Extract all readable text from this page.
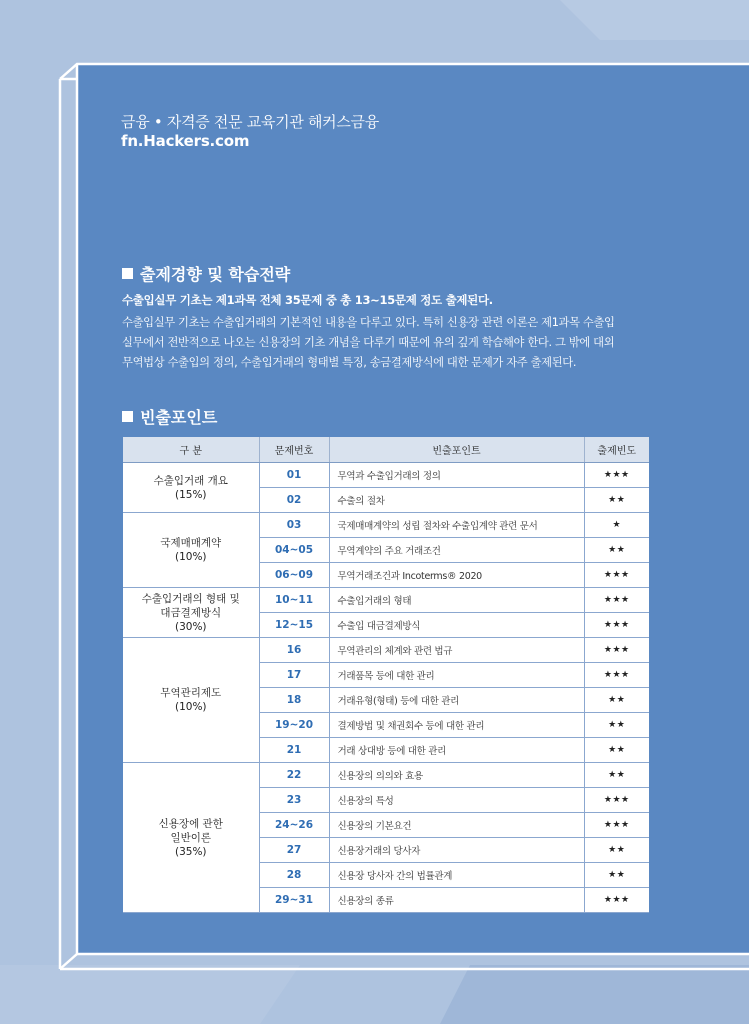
금융 • 자격증 전문 교육기관 해커스금융
fn.Hackers.com
출제경향 및 학습전략
수출입실무 기초는 제1과목 전체 35문제 중 총 13~15문제 정도 출제된다.

수출입실무 기초는 수출입거래의 기본적인 내용을 다루고 있다. 특히 신용장 관련 이론은 제1과목 수출입
실무에서 전반적으로 나오는 신용장의 기초 개념을 다루기 때문에 유의 깊게 학습해야 한다. 그 밖에 대외
무역법상 수출입의 정의, 수출입거래의 형태별 특징, 송금결제방식에 대한 문제가 자주 출제된다.

빈출포인트
구 분	문제번호	빈출포인트	출제빈도

수출입거래 개요
(15%)	01	무역과 수출입거래의 정의	★★★
	02	수출의 절차	★★

국제매매계약
(10%)	03	국제매매계약의 성립 절차와 수출입계약 관련 문서	★
	04~05	무역계약의 주요 거래조건	★★
	06~09	무역거래조건과 Incoterms® 2020	★★★

수출입거래의 형태 및
대금결제방식
(30%)	10~11	수출입거래의 형태	★★★
	12~15	수출입 대금결제방식	★★★

무역관리제도
(10%)	16	무역관리의 체계와 관련 법규	★★★
	17	거래품목 등에 대한 관리	★★★
	18	거래유형(형태) 등에 대한 관리	★★
	19~20	결제방법 및 채권회수 등에 대한 관리	★★
	21	거래 상대방 등에 대한 관리	★★

신용장에 관한
일반이론
(35%)	22	신용장의 의의와 효용	★★
	23	신용장의 특성	★★★
	24~26	신용장의 기본요건	★★★
	27	신용장거래의 당사자	★★
	28	신용장 당사자 간의 법률관계	★★
	29~31	신용장의 종류	★★★
